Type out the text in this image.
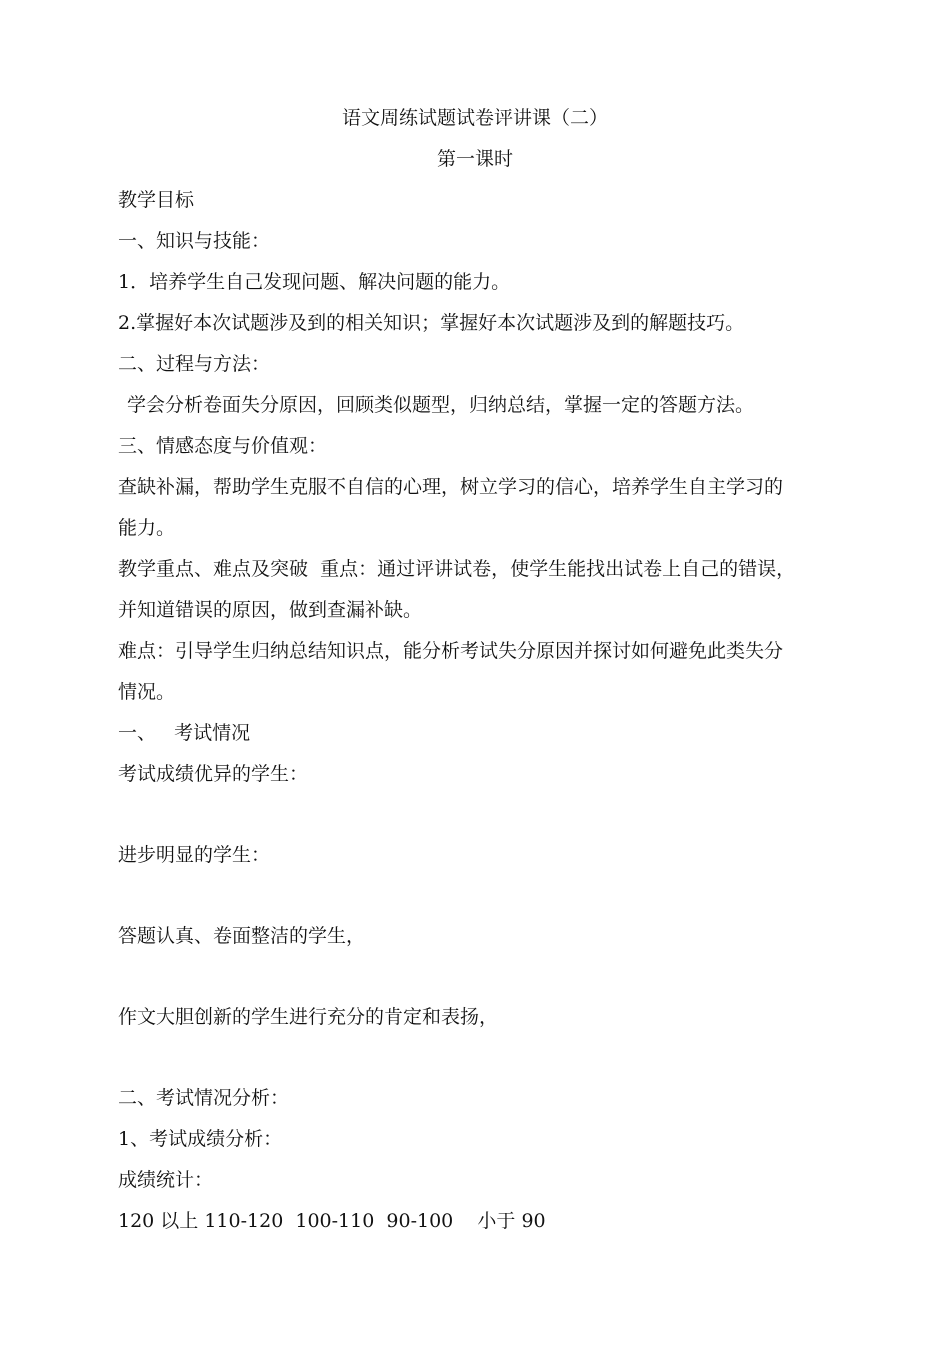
语文周练试题试卷评讲课（二）
第一课时
教学目标
一、知识与技能：
1．培养学生自己发现问题、解决问题的能力。
2.掌握好本次试题涉及到的相关知识；掌握好本次试题涉及到的解题技巧。
二、过程与方法：
学会分析卷面失分原因，回顾类似题型，归纳总结，掌握一定的答题方法。
三、情感态度与价值观：
查缺补漏，帮助学生克服不自信的心理，树立学习的信心，培养学生自主学习的
能力。
教学重点、难点及突破  重点：通过评讲试卷，使学生能找出试卷上自己的错误，
并知道错误的原因，做到查漏补缺。
难点：引导学生归纳总结知识点，能分析考试失分原因并探讨如何避免此类失分
情况。
一、   考试情况
考试成绩优异的学生：
进步明显的学生：
答题认真、卷面整洁的学生，
作文大胆创新的学生进行充分的肯定和表扬，
二、考试情况分析：
1、考试成绩分析：
成绩统计：
120 以上 110-120  100-110  90-100    小于 90
